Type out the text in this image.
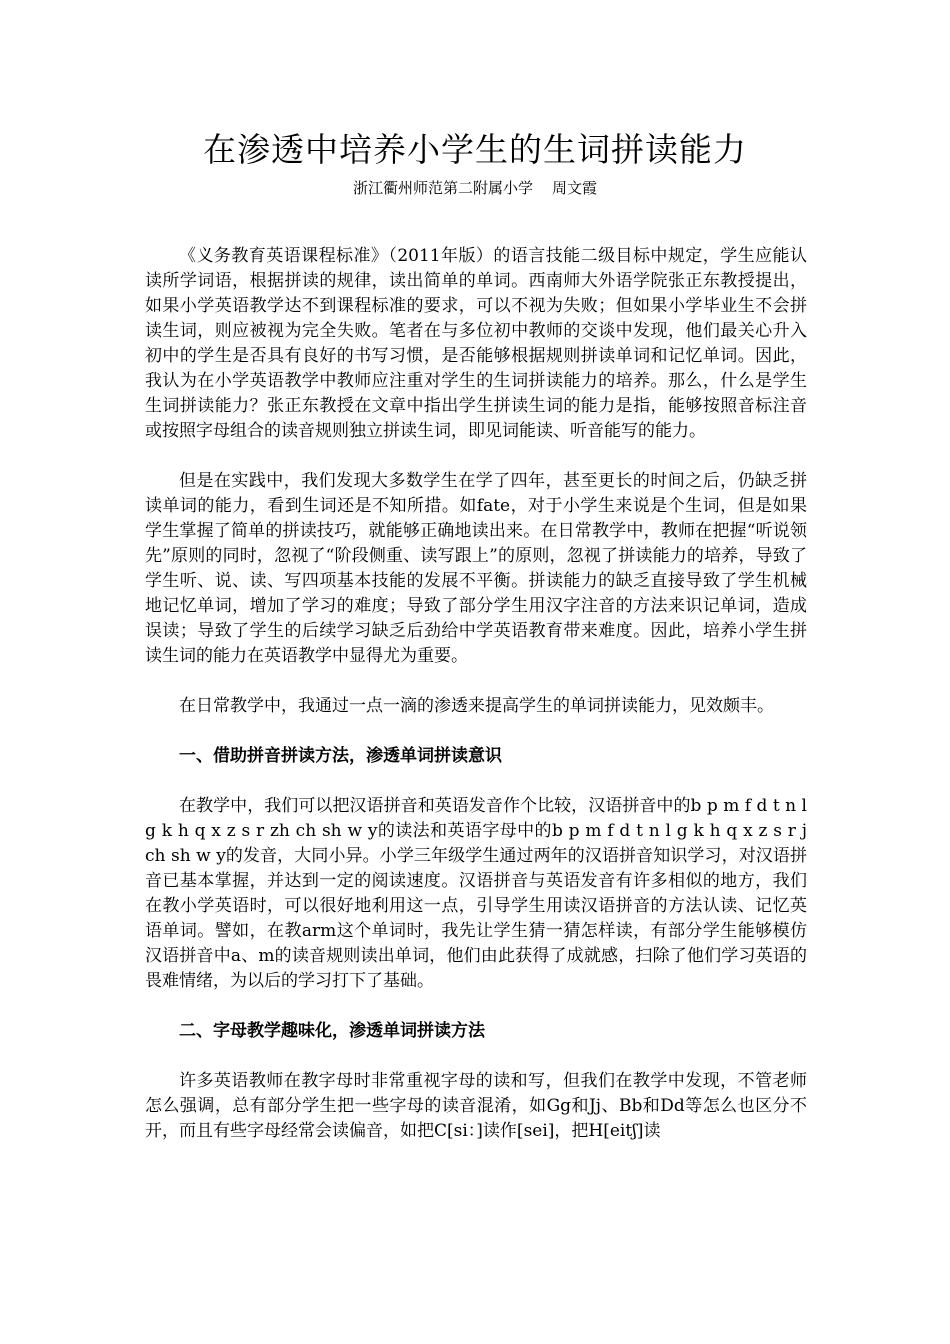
在渗透中培养小学生的生词拼读能力

浙江衢州师范第二附属小学    周文霞

《义务教育英语课程标准》（2011年版）的语言技能二级目标中规定，学生应能认读所学词语，根据拼读的规律，读出简单的单词。西南师大外语学院张正东教授提出，如果小学英语教学达不到课程标准的要求，可以不视为失败；但如果小学毕业生不会拼读生词，则应被视为完全失败。笔者在与多位初中教师的交谈中发现，他们最关心升入初中的学生是否具有良好的书写习惯，是否能够根据规则拼读单词和记忆单词。因此，我认为在小学英语教学中教师应注重对学生的生词拼读能力的培养。那么，什么是学生生词拼读能力？张正东教授在文章中指出学生拼读生词的能力是指，能够按照音标注音或按照字母组合的读音规则独立拼读生词，即见词能读、听音能写的能力。

但是在实践中，我们发现大多数学生在学了四年，甚至更长的时间之后，仍缺乏拼读单词的能力，看到生词还是不知所措。如fate，对于小学生来说是个生词，但是如果学生掌握了简单的拼读技巧，就能够正确地读出来。在日常教学中，教师在把握“听说领先”原则的同时，忽视了“阶段侧重、读写跟上”的原则，忽视了拼读能力的培养，导致了学生听、说、读、写四项基本技能的发展不平衡。拼读能力的缺乏直接导致了学生机械地记忆单词，增加了学习的难度；导致了部分学生用汉字注音的方法来识记单词，造成误读；导致了学生的后续学习缺乏后劲给中学英语教育带来难度。因此，培养小学生拼读生词的能力在英语教学中显得尤为重要。

在日常教学中，我通过一点一滴的渗透来提高学生的单词拼读能力，见效颇丰。

一、借助拼音拼读方法，渗透单词拼读意识

在教学中，我们可以把汉语拼音和英语发音作个比较，汉语拼音中的b p m f d t n l g k h q x z s r zh ch sh w y的读法和英语字母中的b p m f d t n l g k h q x z s r j ch sh w y的发音，大同小异。小学三年级学生通过两年的汉语拼音知识学习，对汉语拼音已基本掌握，并达到一定的阅读速度。汉语拼音与英语发音有许多相似的地方，我们在教小学英语时，可以很好地利用这一点，引导学生用读汉语拼音的方法认读、记忆英语单词。譬如，在教arm这个单词时，我先让学生猜一猜怎样读，有部分学生能够模仿汉语拼音中a、m的读音规则读出单词，他们由此获得了成就感，扫除了他们学习英语的畏难情绪，为以后的学习打下了基础。

二、字母教学趣味化，渗透单词拼读方法

许多英语教师在教字母时非常重视字母的读和写，但我们在教学中发现，不管老师怎么强调，总有部分学生把一些字母的读音混淆，如Gg和Jj、Bb和Dd等怎么也区分不开，而且有些字母经常会读偏音，如把C[si：]读作[sei]，把H[eitʃ]读
